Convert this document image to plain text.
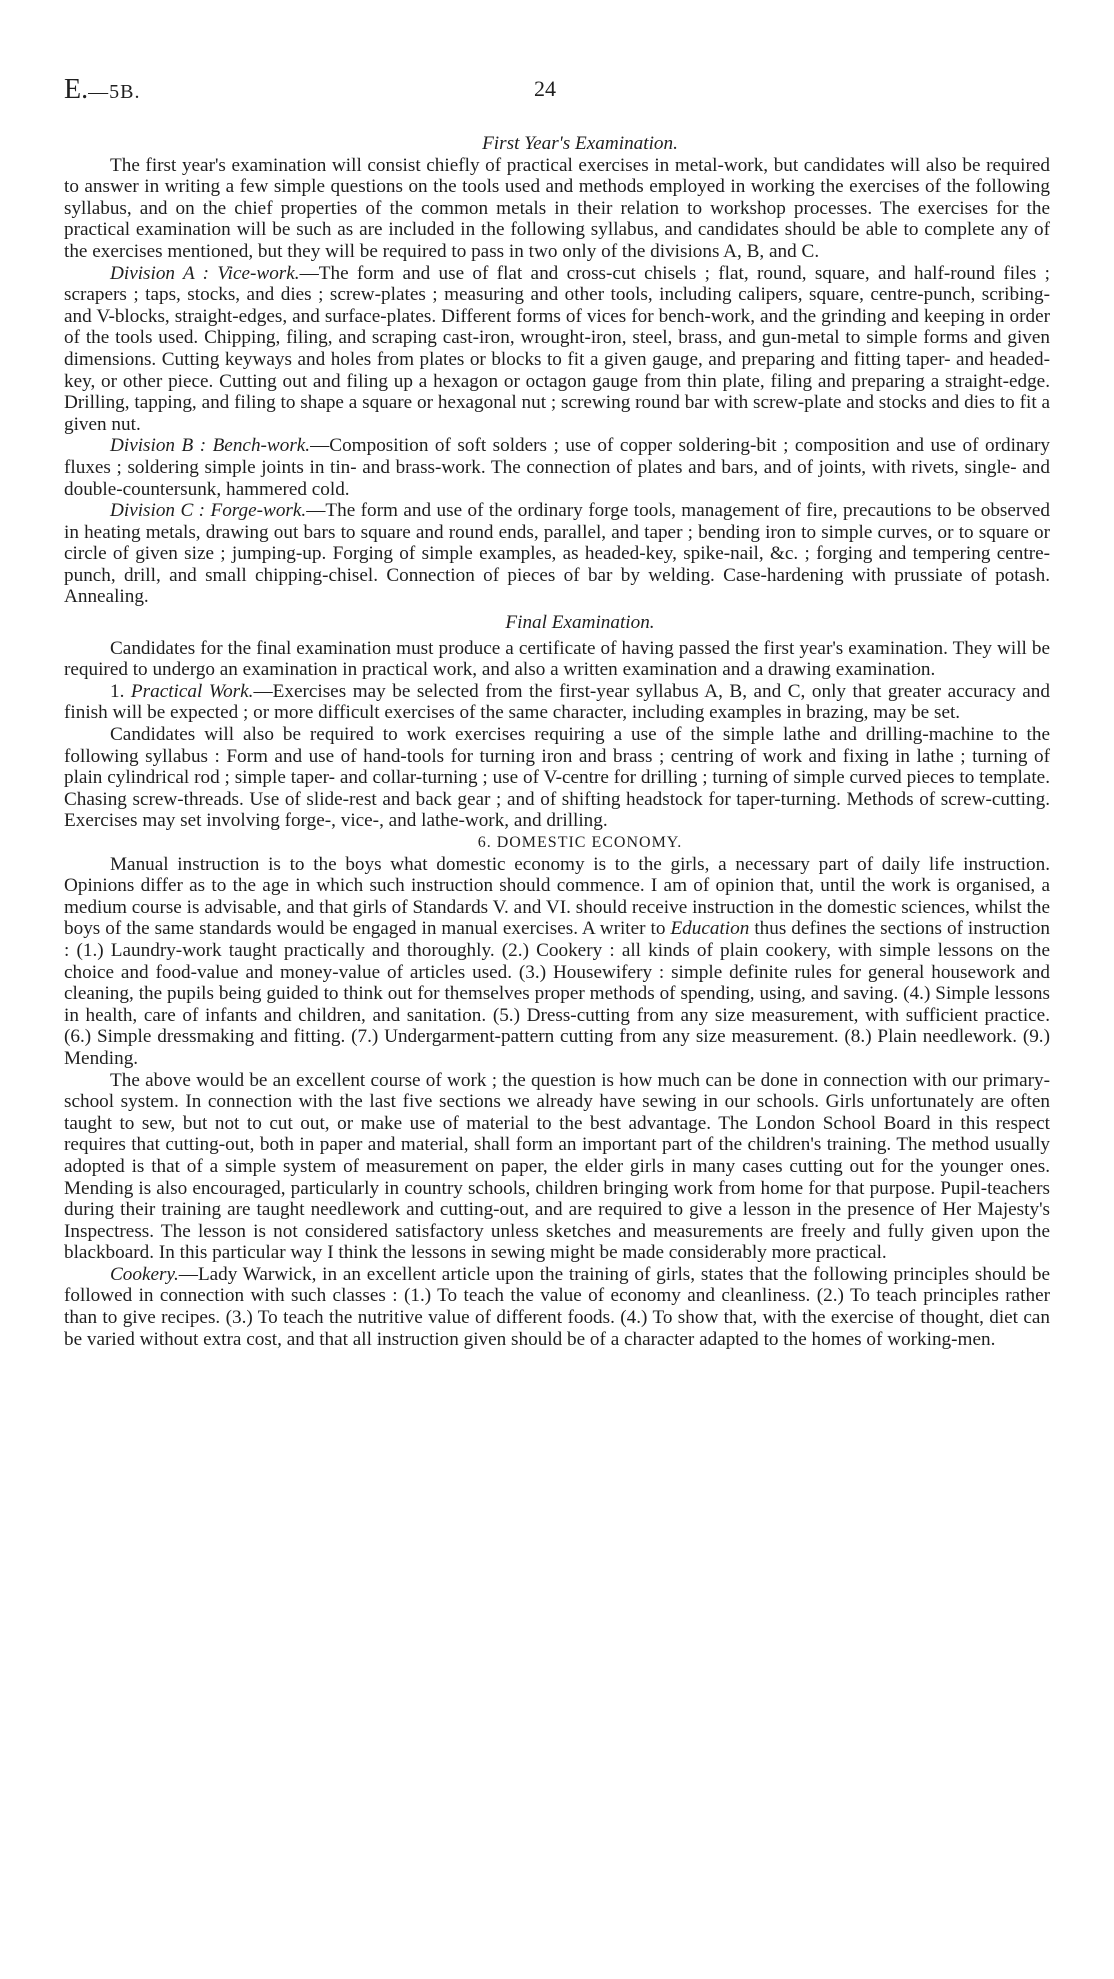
E.—5B.	24

First Year's Examination.

The first year's examination will consist chiefly of practical exercises in metal-work, but candidates will also be required to answer in writing a few simple questions on the tools used and methods employed in working the exercises of the following syllabus, and on the chief properties of the common metals in their relation to workshop processes. The exercises for the practical examination will be such as are included in the following syllabus, and candidates should be able to complete any of the exercises mentioned, but they will be required to pass in two only of the divisions A, B, and C.

Division A : Vice-work.—The form and use of flat and cross-cut chisels ; flat, round, square, and half-round files ; scrapers ; taps, stocks, and dies ; screw-plates ; measuring and other tools, including calipers, square, centre-punch, scribing- and V-blocks, straight-edges, and surface-plates. Different forms of vices for bench-work, and the grinding and keeping in order of the tools used. Chipping, filing, and scraping cast-iron, wrought-iron, steel, brass, and gun-metal to simple forms and given dimensions. Cutting keyways and holes from plates or blocks to fit a given gauge, and preparing and fitting taper- and headed-key, or other piece. Cutting out and filing up a hexagon or octagon gauge from thin plate, filing and preparing a straight-edge. Drilling, tapping, and filing to shape a square or hexagonal nut ; screwing round bar with screw-plate and stocks and dies to fit a given nut.

Division B : Bench-work.—Composition of soft solders ; use of copper soldering-bit ; composition and use of ordinary fluxes ; soldering simple joints in tin- and brass-work. The connection of plates and bars, and of joints, with rivets, single- and double-countersunk, hammered cold.

Division C : Forge-work.—The form and use of the ordinary forge tools, management of fire, precautions to be observed in heating metals, drawing out bars to square and round ends, parallel, and taper ; bending iron to simple curves, or to square or circle of given size ; jumping-up. Forging of simple examples, as headed-key, spike-nail, &c. ; forging and tempering centre-punch, drill, and small chipping-chisel. Connection of pieces of bar by welding. Case-hardening with prussiate of potash. Annealing.

Final Examination.

Candidates for the final examination must produce a certificate of having passed the first year's examination. They will be required to undergo an examination in practical work, and also a written examination and a drawing examination.

1. Practical Work.—Exercises may be selected from the first-year syllabus A, B, and C, only that greater accuracy and finish will be expected ; or more difficult exercises of the same character, including examples in brazing, may be set.

Candidates will also be required to work exercises requiring a use of the simple lathe and drilling-machine to the following syllabus : Form and use of hand-tools for turning iron and brass ; centring of work and fixing in lathe ; turning of plain cylindrical rod ; simple taper- and collar-turning ; use of V-centre for drilling ; turning of simple curved pieces to template. Chasing screw-threads. Use of slide-rest and back gear ; and of shifting headstock for taper-turning. Methods of screw-cutting. Exercises may set involving forge-, vice-, and lathe-work, and drilling.

6. DOMESTIC ECONOMY.

Manual instruction is to the boys what domestic economy is to the girls, a necessary part of daily life instruction. Opinions differ as to the age in which such instruction should commence. I am of opinion that, until the work is organised, a medium course is advisable, and that girls of Standards V. and VI. should receive instruction in the domestic sciences, whilst the boys of the same standards would be engaged in manual exercises. A writer to Education thus defines the sections of instruction : (1.) Laundry-work taught practically and thoroughly. (2.) Cookery : all kinds of plain cookery, with simple lessons on the choice and food-value and money-value of articles used. (3.) Housewifery : simple definite rules for general housework and cleaning, the pupils being guided to think out for themselves proper methods of spending, using, and saving. (4.) Simple lessons in health, care of infants and children, and sanitation. (5.) Dress-cutting from any size measurement, with sufficient practice. (6.) Simple dressmaking and fitting. (7.) Undergarment-pattern cutting from any size measurement. (8.) Plain needlework. (9.) Mending.

The above would be an excellent course of work ; the question is how much can be done in connection with our primary-school system. In connection with the last five sections we already have sewing in our schools. Girls unfortunately are often taught to sew, but not to cut out, or make use of material to the best advantage. The London School Board in this respect requires that cutting-out, both in paper and material, shall form an important part of the children's training. The method usually adopted is that of a simple system of measurement on paper, the elder girls in many cases cutting out for the younger ones. Mending is also encouraged, particularly in country schools, children bringing work from home for that purpose. Pupil-teachers during their training are taught needlework and cutting-out, and are required to give a lesson in the presence of Her Majesty's Inspectress. The lesson is not considered satisfactory unless sketches and measurements are freely and fully given upon the blackboard. In this particular way I think the lessons in sewing might be made considerably more practical.

Cookery.—Lady Warwick, in an excellent article upon the training of girls, states that the following principles should be followed in connection with such classes : (1.) To teach the value of economy and cleanliness. (2.) To teach principles rather than to give recipes. (3.) To teach the nutritive value of different foods. (4.) To show that, with the exercise of thought, diet can be varied without extra cost, and that all instruction given should be of a character adapted to the homes of working-men.
